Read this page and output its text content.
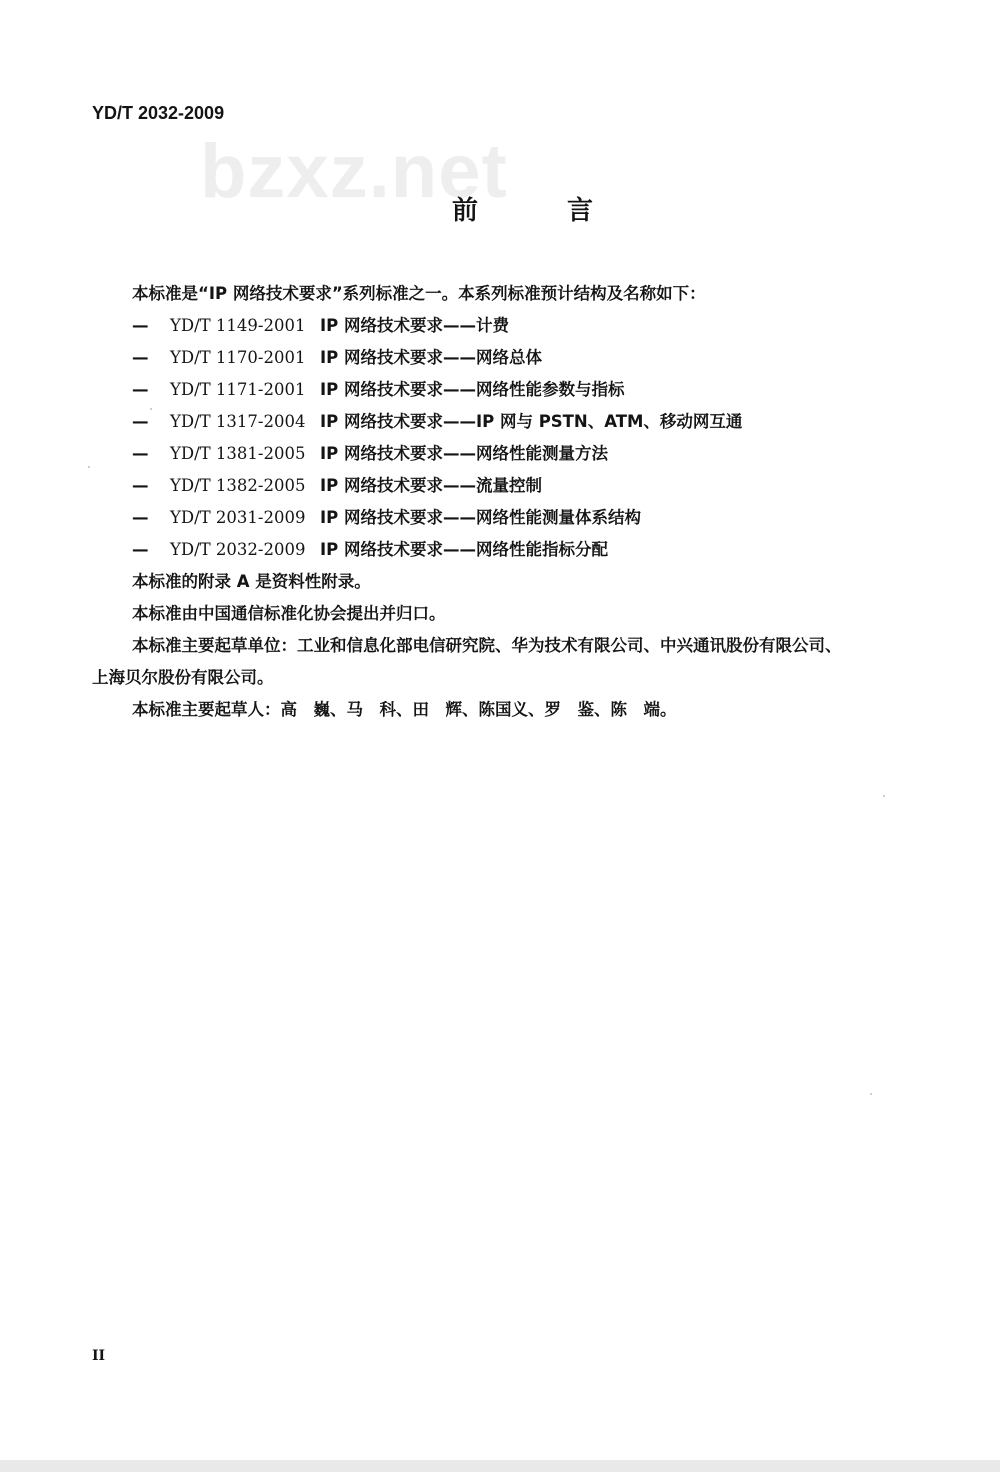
bzxz.net
YD/T 2032-2009
前 言

本标准是“IP 网络技术要求”系列标准之一。本系列标准预计结构及名称如下：

—	YD/T 1149-2001 IP 网络技术要求——计费
—	YD/T 1170-2001 IP 网络技术要求——网络总体
—	YD/T 1171-2001 IP 网络技术要求——网络性能参数与指标
—	YD/T 1317-2004 IP 网络技术要求——IP 网与 PSTN、ATM、移动网互通
—	YD/T 1381-2005 IP 网络技术要求——网络性能测量方法
—	YD/T 1382-2005 IP 网络技术要求——流量控制
—	YD/T 2031-2009 IP 网络技术要求——网络性能测量体系结构
—	YD/T 2032-2009 IP 网络技术要求——网络性能指标分配

本标准的附录 A 是资料性附录。

本标准由中国通信标准化协会提出并归口。

本标准主要起草单位：工业和信息化部电信研究院、华为技术有限公司、中兴通讯股份有限公司、

上海贝尔股份有限公司。

本标准主要起草人：高　巍、马　科、田　辉、陈国义、罗　鉴、陈　端。

II
